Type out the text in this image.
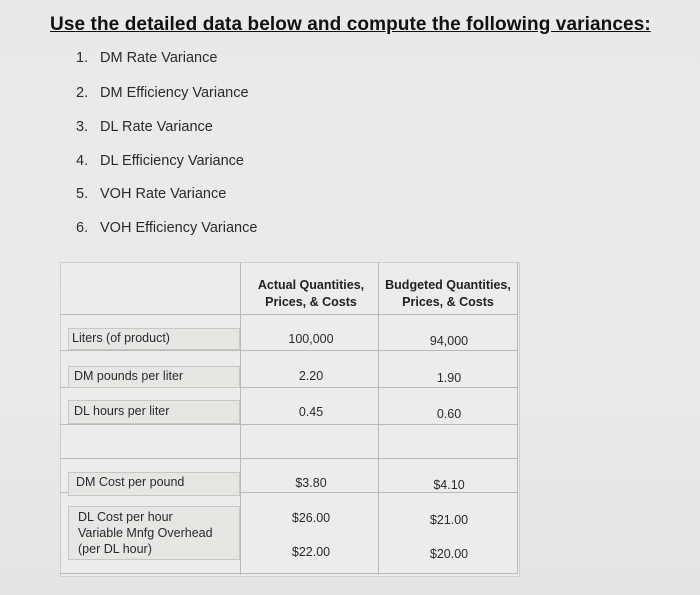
Use the detailed data below and compute the following variances:
1. DM Rate Variance
2. DM Efficiency Variance
3. DL Rate Variance
4. DL Efficiency Variance
5. VOH Rate Variance
6. VOH Efficiency Variance
Actual Quantities,
Prices, & Costs
Budgeted Quantities,
Prices, & Costs
Liters (of product)
DM pounds per liter
DL hours per liter
DM Cost per pound
DL Cost per hour
Variable Mnfg Overhead
(per DL hour)
100,000
2.20
0.45
$3.80
$26.00
$22.00
94,000
1.90
0.60
$4.10
$21.00
$20.00
